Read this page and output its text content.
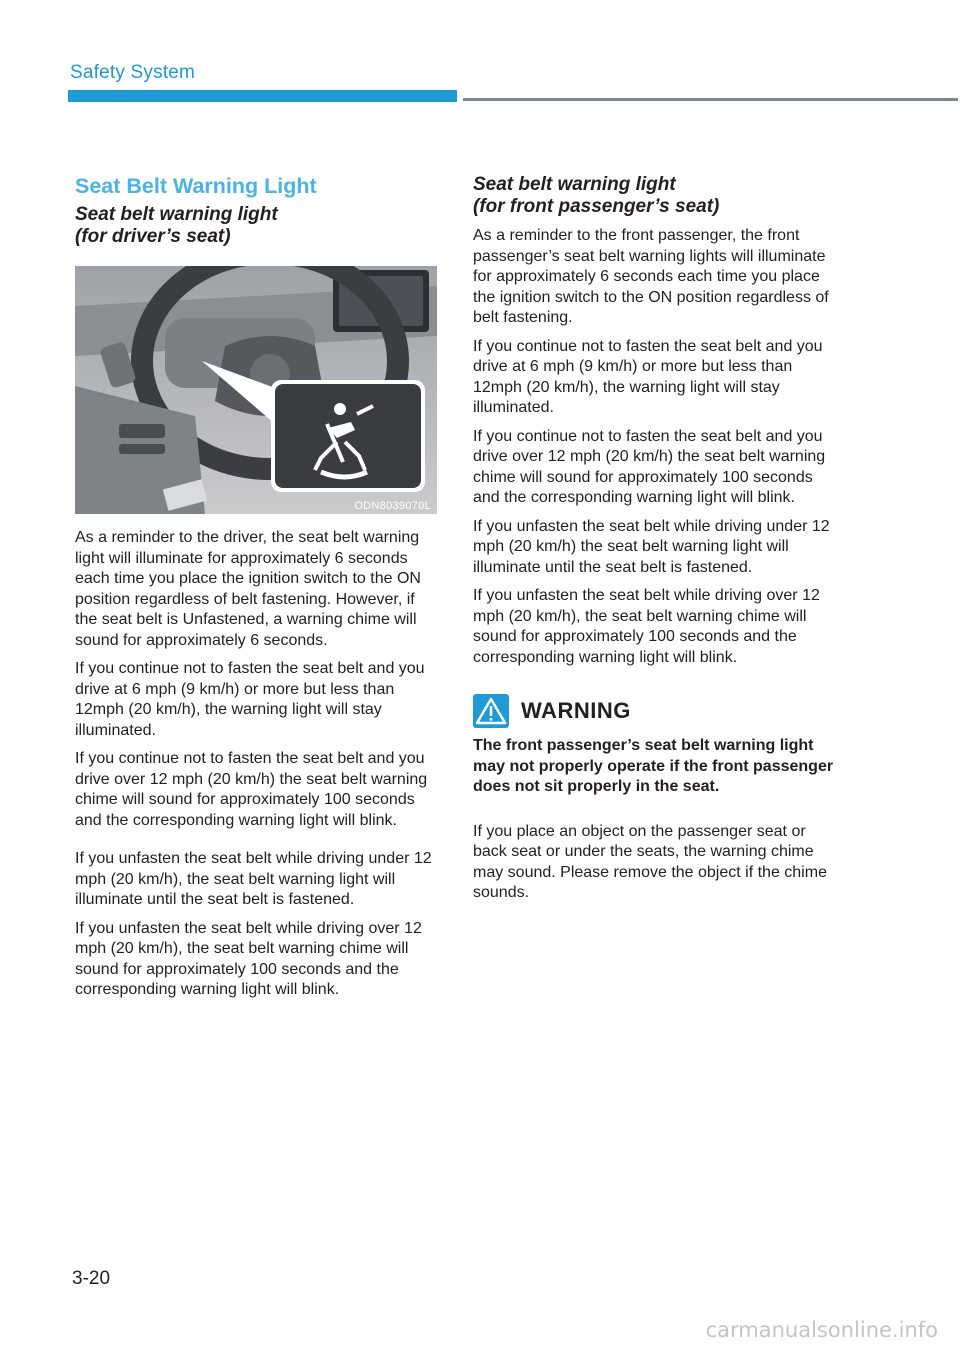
Safety System
Seat Belt Warning Light
Seat belt warning light
(for driver’s seat)
ODN8039070L

As a reminder to the driver, the seat belt warning light will illuminate for approximately 6 seconds each time you place the ignition switch to the ON position regardless of belt fastening. However, if the seat belt is Unfastened, a warning chime will sound for approximately 6 seconds.

If you continue not to fasten the seat belt and you drive at 6 mph (9 km/h) or more but less than 12mph (20 km/h), the warning light will stay illuminated.

If you continue not to fasten the seat belt and you drive over 12 mph (20 km/h) the seat belt warning chime will sound for approximately 100 seconds and the corresponding warning light will blink.

If you unfasten the seat belt while driving under 12 mph (20 km/h), the seat belt warning light will illuminate until the seat belt is fastened.

If you unfasten the seat belt while driving over 12 mph (20 km/h), the seat belt warning chime will sound for approximately 100 seconds and the corresponding warning light will blink.

Seat belt warning light
(for front passenger’s seat)

As a reminder to the front passenger, the front passenger’s seat belt warning lights will illuminate for approximately 6 seconds each time you place the ignition switch to the ON position regardless of belt fastening.

If you continue not to fasten the seat belt and you drive at 6 mph (9 km/h) or more but less than 12mph (20 km/h), the warning light will stay illuminated.

If you continue not to fasten the seat belt and you drive over 12 mph (20 km/h) the seat belt warning chime will sound for approximately 100 seconds and the corresponding warning light will blink.

If you unfasten the seat belt while driving under 12 mph (20 km/h) the seat belt warning light will illuminate until the seat belt is fastened.

If you unfasten the seat belt while driving over 12 mph (20 km/h), the seat belt warning chime will sound for approximately 100 seconds and the corresponding warning light will blink.

WARNING
The front passenger’s seat belt warning light may not properly operate if the front passenger does not sit properly in the seat.

If you place an object on the passenger seat or back seat or under the seats, the warning chime may sound. Please remove the object if the chime sounds.

3-20
carmanualsonline.info
